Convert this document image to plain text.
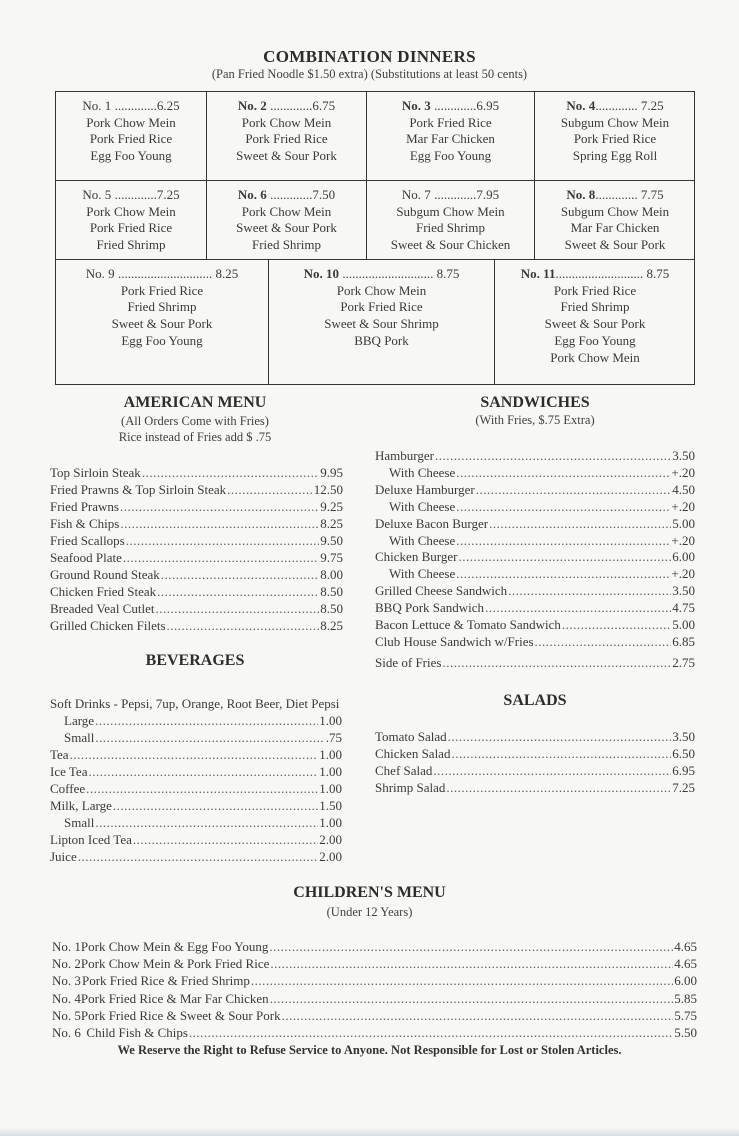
COMBINATION DINNERS
(Pan Fried Noodle $1.50 extra) (Substitutions at least 50 cents)
No. 1 .............6.25
Pork Chow Mein
Pork Fried Rice
Egg Foo Young
No. 2 .............6.75
Pork Chow Mein
Pork Fried Rice
Sweet & Sour Pork
No. 3 .............6.95
Pork Fried Rice
Mar Far Chicken
Egg Foo Young
No. 4............. 7.25
Subgum Chow Mein
Pork Fried Rice
Spring Egg Roll
No. 5 .............7.25
Pork Chow Mein
Pork Fried Rice
Fried Shrimp
No. 6 .............7.50
Pork Chow Mein
Sweet & Sour Pork
Fried Shrimp
No. 7 .............7.95
Subgum Chow Mein
Fried Shrimp
Sweet & Sour Chicken
No. 8............. 7.75
Subgum Chow Mein
Mar Far Chicken
Sweet & Sour Pork
No. 9 ............................. 8.25
Pork Fried Rice
Fried Shrimp
Sweet & Sour Pork
Egg Foo Young
No. 10 ............................ 8.75
Pork Chow Mein
Pork Fried Rice
Sweet & Sour Shrimp
BBQ Pork
No. 11........................... 8.75
Pork Fried Rice
Fried Shrimp
Sweet & Sour Pork
Egg Foo Young
Pork Chow Mein
AMERICAN MENU
(All Orders Come with Fries)
Rice instead of Fries add $ .75
Top Sirloin Steak .....	9.95
Fried Prawns & Top Sirloin Steak .....	12.50
Fried Prawns .....	9.25
Fish & Chips .....	8.25
Fried Scallops .....	9.50
Seafood Plate .....	9.75
Ground Round Steak .....	8.00
Chicken Fried Steak .....	8.50
Breaded Veal Cutlet .....	8.50
Grilled Chicken Filets .....	8.25
BEVERAGES
Soft Drinks - Pepsi, 7up, Orange, Root Beer, Diet Pepsi
Large .....	1.00
Small .....	.75
Tea .....	1.00
Ice Tea .....	1.00
Coffee .....	1.00
Milk, Large .....	1.50
Small .....	1.00
Lipton Iced Tea .....	2.00
Juice .....	2.00
SANDWICHES
(With Fries, $.75 Extra)
Hamburger .....	3.50
With Cheese .....	+.20
Deluxe Hamburger .....	4.50
With Cheese .....	+.20
Deluxe Bacon Burger .....	5.00
With Cheese .....	+.20
Chicken Burger .....	6.00
With Cheese .....	+.20
Grilled Cheese Sandwich .....	3.50
BBQ Pork Sandwich .....	4.75
Bacon Lettuce & Tomato Sandwich .....	5.00
Club House Sandwich w/Fries .....	6.85
Side of Fries .....	2.75
SALADS
Tomato Salad .....	3.50
Chicken Salad .....	6.50
Chef Salad .....	6.95
Shrimp Salad .....	7.25
CHILDREN'S MENU
(Under 12 Years)
No. 1 Pork Chow Mein & Egg Foo Young .....	4.65
No. 2 Pork Chow Mein & Pork Fried Rice .....	4.65
No. 3 Pork Fried Rice & Fried Shrimp .....	6.00
No. 4 Pork Fried Rice & Mar Far Chicken .....	5.85
No. 5 Pork Fried Rice & Sweet & Sour Pork .....	5.75
No. 6 Child Fish & Chips .....	5.50
We Reserve the Right to Refuse Service to Anyone. Not Responsible for Lost or Stolen Articles.
